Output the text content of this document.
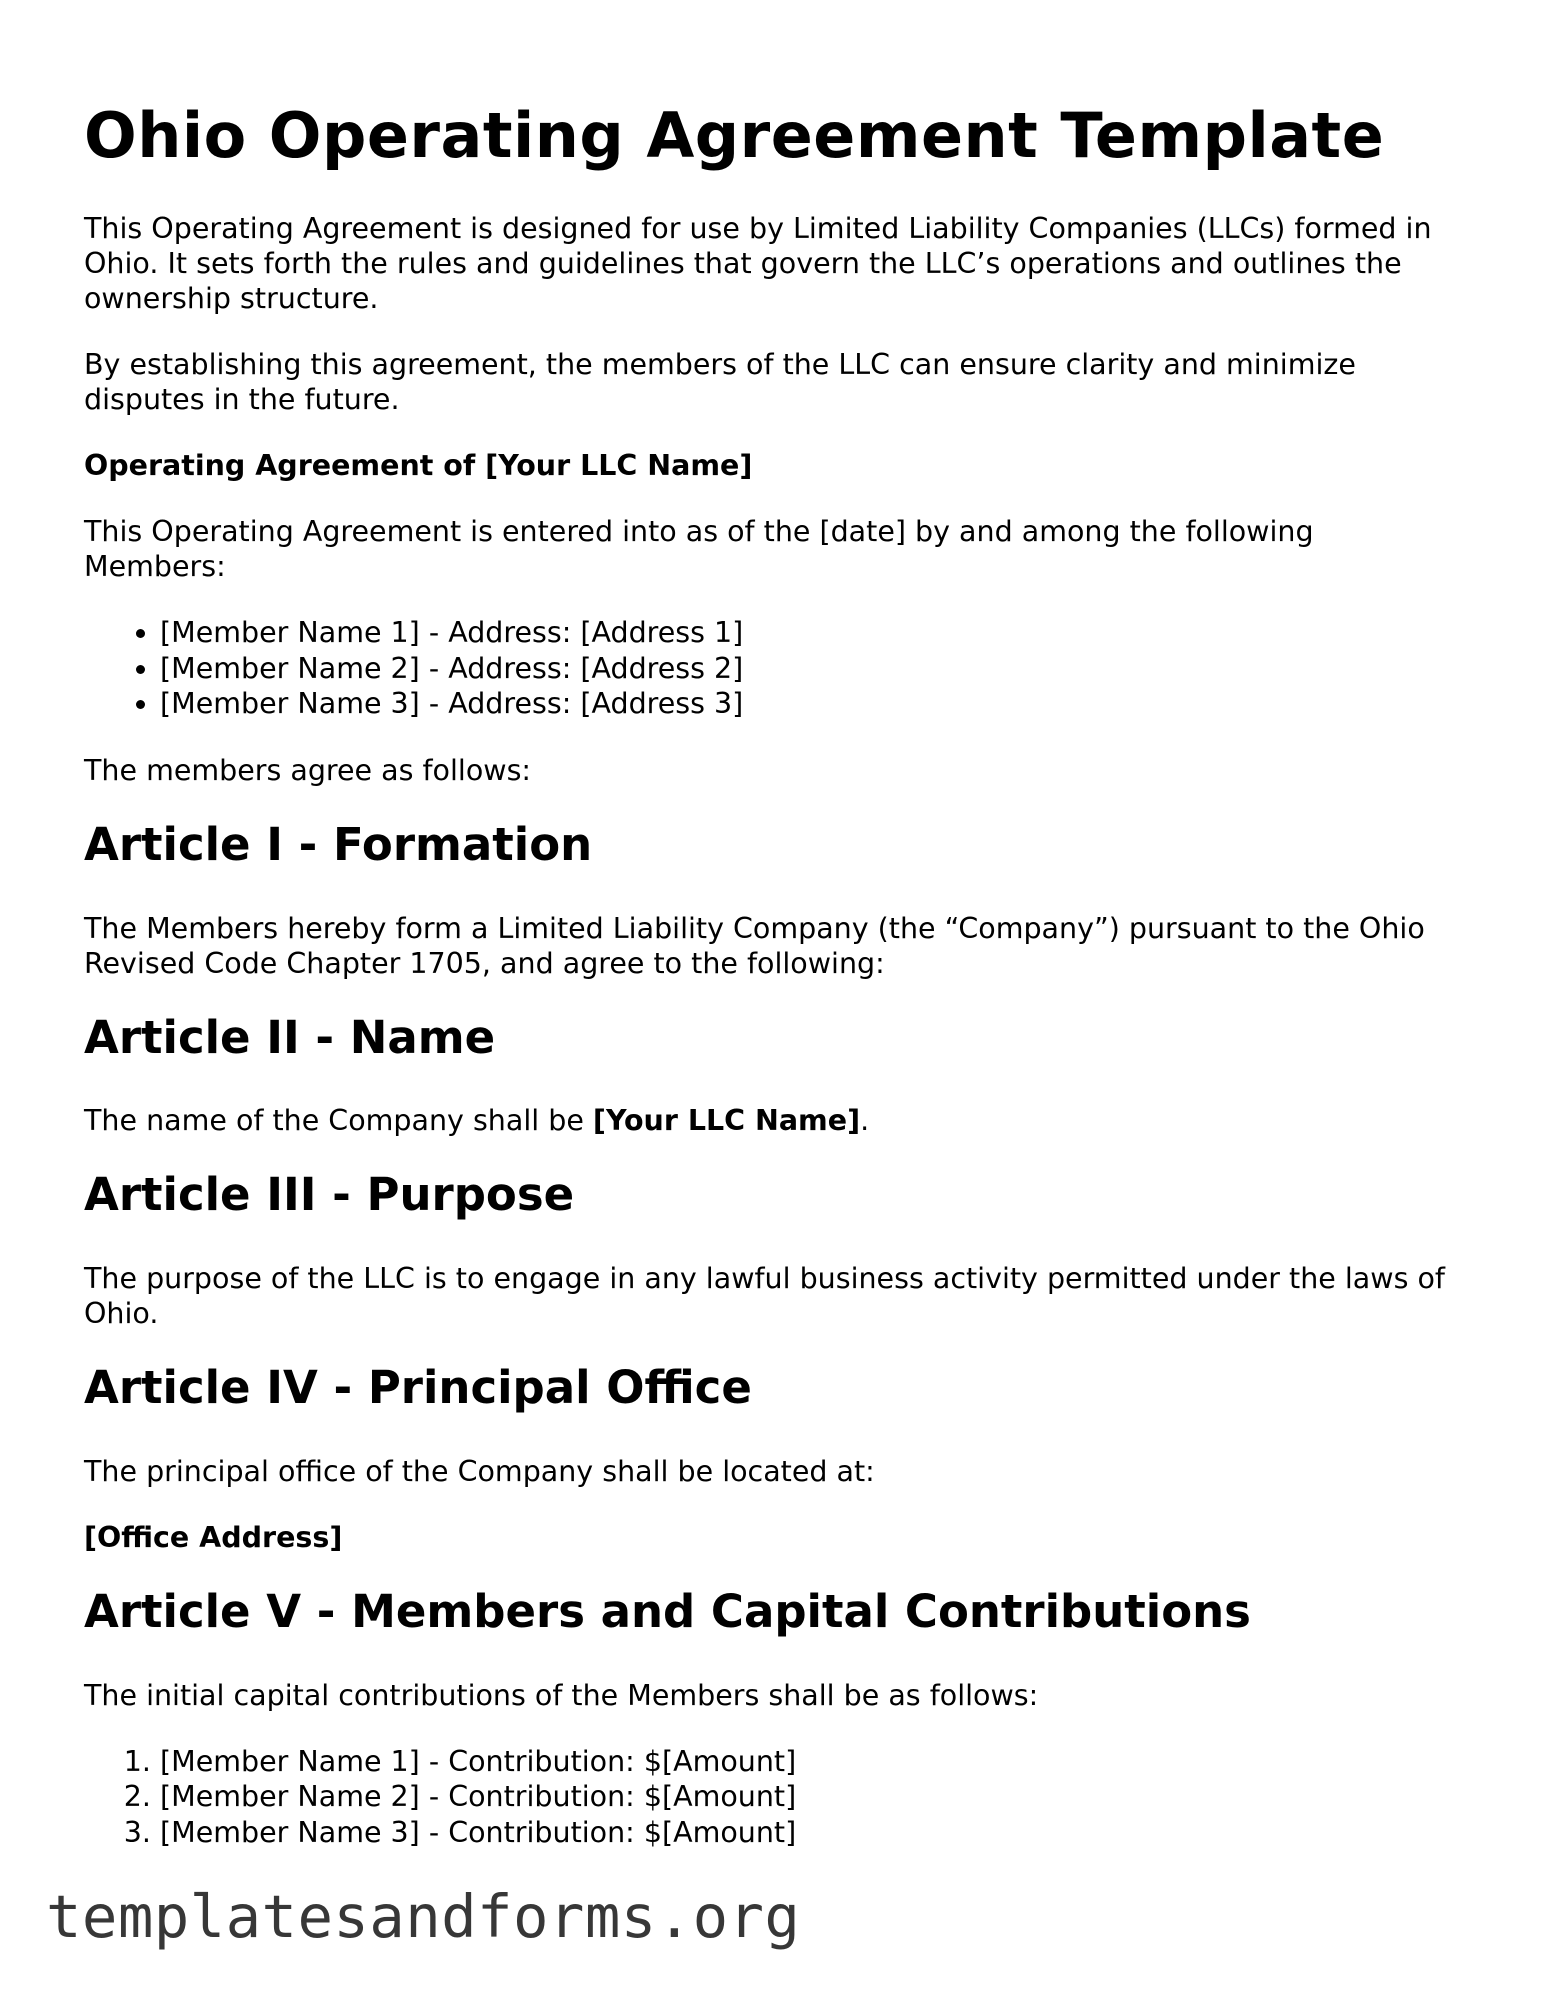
Ohio Operating Agreement Template

This Operating Agreement is designed for use by Limited Liability Companies (LLCs) formed in Ohio. It sets forth the rules and guidelines that govern the LLC’s operations and outlines the ownership structure.

By establishing this agreement, the members of the LLC can ensure clarity and minimize disputes in the future.

Operating Agreement of [Your LLC Name]

This Operating Agreement is entered into as of the [date] by and among the following Members:

• [Member Name 1] - Address: [Address 1]
• [Member Name 2] - Address: [Address 2]
• [Member Name 3] - Address: [Address 3]

The members agree as follows:

Article I - Formation

The Members hereby form a Limited Liability Company (the “Company”) pursuant to the Ohio Revised Code Chapter 1705, and agree to the following:

Article II - Name

The name of the Company shall be [Your LLC Name].

Article III - Purpose

The purpose of the LLC is to engage in any lawful business activity permitted under the laws of Ohio.

Article IV - Principal Office

The principal office of the Company shall be located at:

[Office Address]

Article V - Members and Capital Contributions

The initial capital contributions of the Members shall be as follows:

1. [Member Name 1] - Contribution: $[Amount]
2. [Member Name 2] - Contribution: $[Amount]
3. [Member Name 3] - Contribution: $[Amount]
templatesandforms.org
